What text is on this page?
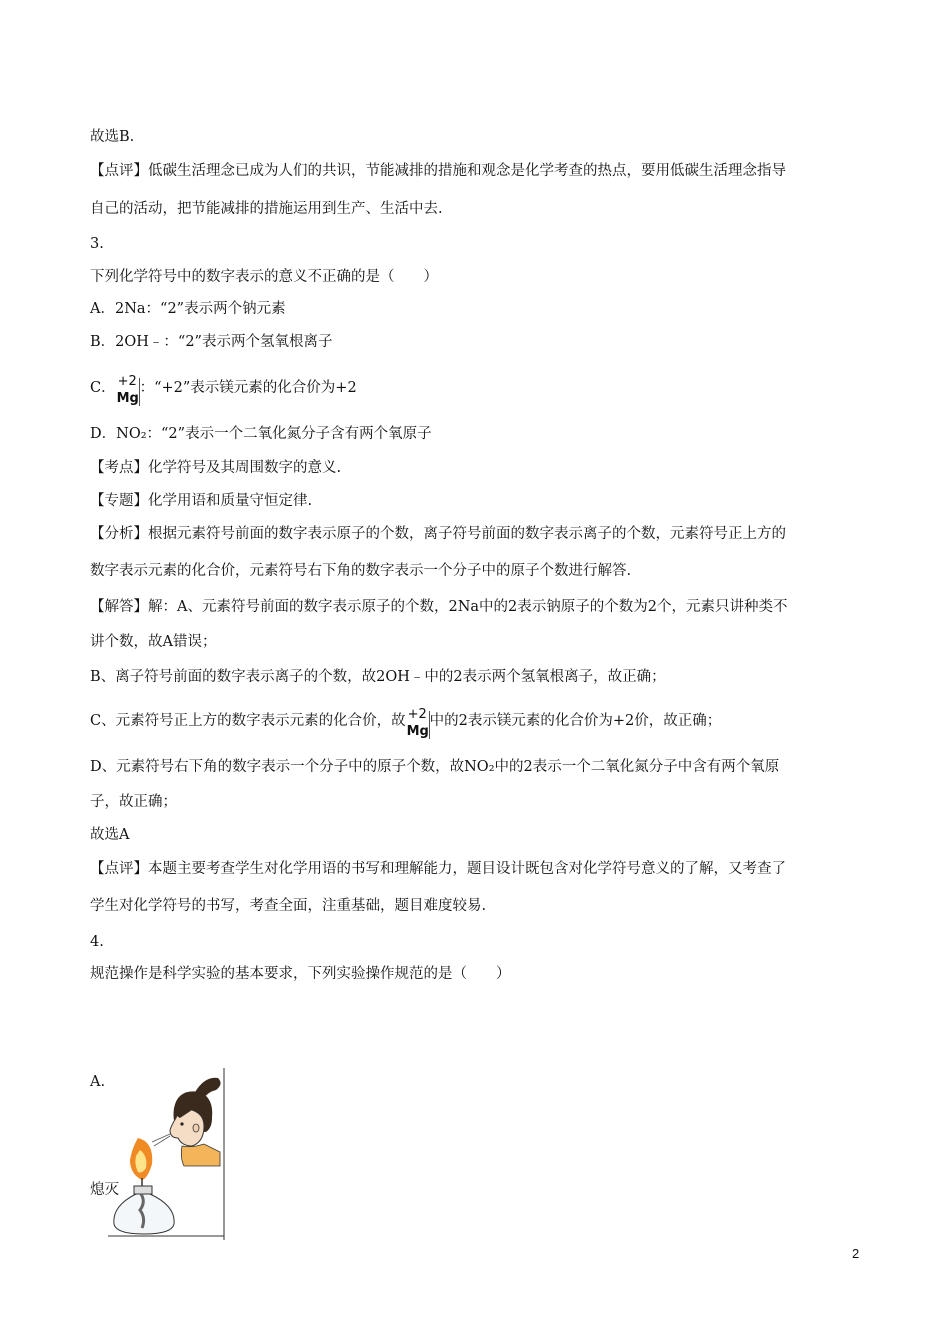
故选B.
【点评】低碳生活理念已成为人们的共识，节能减排的措施和观念是化学考查的热点，要用低碳生活理念指导
自己的活动，把节能减排的措施运用到生产、生活中去.
3.
下列化学符号中的数字表示的意义不正确的是（　　）
A．2Na：“2”表示两个钠元素
B．2OH﹣：“2”表示两个氢氧根离子
C． +2
Mg
：“+2”表示镁元素的化合价为+2
D．NO₂：“2”表示一个二氧化氮分子含有两个氧原子
【考点】化学符号及其周围数字的意义.
【专题】化学用语和质量守恒定律.
【分析】根据元素符号前面的数字表示原子的个数，离子符号前面的数字表示离子的个数，元素符号正上方的
数字表示元素的化合价，元素符号右下角的数字表示一个分子中的原子个数进行解答.
【解答】解：A、元素符号前面的数字表示原子的个数，2Na中的2表示钠原子的个数为2个，元素只讲种类不
讲个数，故A错误；
B、离子符号前面的数字表示离子的个数，故2OH﹣中的2表示两个氢氧根离子，故正确；
C、元素符号正上方的数字表示元素的化合价，故 +2
Mg
中的2表示镁元素的化合价为+2价，故正确；
D、元素符号右下角的数字表示一个分子中的原子个数，故NO₂中的2表示一个二氧化氮分子中含有两个氧原
子，故正确；
故选A
【点评】本题主要考查学生对化学用语的书写和理解能力，题目设计既包含对化学符号意义的了解，又考查了
学生对化学符号的书写，考查全面，注重基础，题目难度较易.
4.
规范操作是科学实验的基本要求，下列实验操作规范的是（　　）
A.
熄灭
2
